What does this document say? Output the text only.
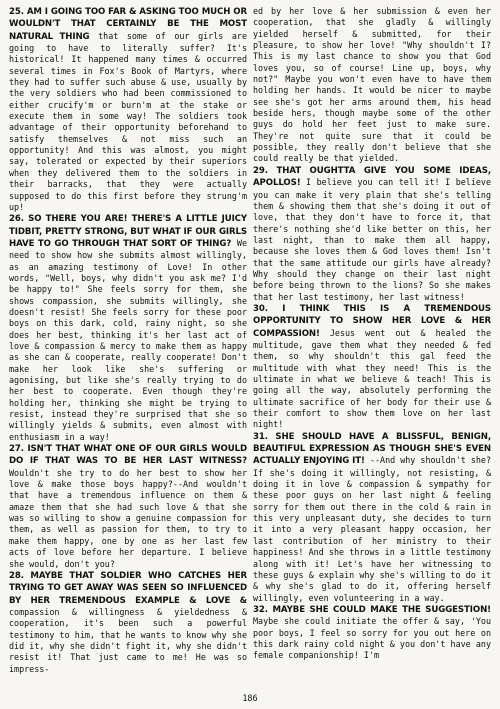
25. AM I GOING TOO FAR & ASKING TOO MUCH OR WOULDN'T THAT CERTAINLY BE THE MOST NATURAL THING that some of our girls are going to have to literally suffer? It's historical! It happened many times & occurred several times in Fox's Book of Martyrs, where they had to suffer such abuse & use, usually by the very soldiers who had been commissioned to either crucify'm or burn'm at the stake or execute them in some way! The soldiers took advantage of their opportunity beforehand to satisfy themselves & not miss such an opportunity! And this was almost, you might say, tolerated or expected by their superiors when they delivered them to the soldiers in their barracks, that they were actually supposed to do this first before they strung'm up!

26. SO THERE YOU ARE! THERE'S A LITTLE JUICY TIDBIT, PRETTY STRONG, BUT WHAT IF OUR GIRLS HAVE TO GO THROUGH THAT SORT OF THING? We need to show how she submits almost willingly, as an amazing testimony of Love! In other words, "Well, boys, why didn't you ask me? I'd be happy to!" She feels sorry for them, she shows compassion, she submits willingly, she doesn't resist! She feels sorry for these poor boys on this dark, cold, rainy night, so she does her best, thinking it's her last act of love & compassion & mercy to make them as happy as she can & cooperate, really cooperate! Don't make her look like she's suffering or agonising, but like she's really trying to do her best to cooperate. Even though they're holding her, thinking she might be trying to resist, instead they're surprised that she so willingly yields & submits, even almost with enthusiasm in a way!

27. ISN'T THAT WHAT ONE OF OUR GIRLS WOULD DO IF THAT WAS TO BE HER LAST WITNESS? Wouldn't she try to do her best to show her love & make those boys happy?--And wouldn't that have a tremendous influence on them & amaze them that she had such love & that she was so willing to show a genuine compassion for them, as well as passion for them, to try to make them happy, one by one as her last few acts of love before her departure. I believe she would, don't you?

28. MAYBE THAT SOLDIER WHO CATCHES HER TRYING TO GET AWAY WAS SEEN SO INFLUENCED BY HER TREMENDOUS EXAMPLE & LOVE & compassion & willingness & yieldedness & cooperation, it's been such a powerful testimony to him, that he wants to know why she did it, why she didn't fight it, why she didn't resist it! That just came to me! He was so impress-

ed by her love & her submission & even her cooperation, that she gladly & willingly yielded herself & submitted, for their pleasure, to show her love! "Why shouldn't I? This is my last chance to show you that God loves you, so of course! Line up, boys, why not?" Maybe you won't even have to have them holding her hands. It would be nicer to maybe see she's got her arms around them, his head beside hers, though maybe some of the other guys do hold her feet just to make sure. They're not quite sure that it could be possible, they really don't believe that she could really be that yielded.

29. THAT OUGHTTA GIVE YOU SOME IDEAS, APOLLOS! I believe you can tell it! I believe you can make it very plain that she's telling them & showing them that she's doing it out of love, that they don't have to force it, that there's nothing she'd like better on this, her last night, than to make them all happy, because she loves them & God loves them! Isn't that the same attitude our girls have already? Why should they change on their last night before being thrown to the lions? So she makes that her last testimony, her last witness!

30. I THINK THIS IS A TREMENDOUS OPPORTUNITY TO SHOW HER LOVE & HER COMPASSION! Jesus went out & healed the multitude, gave them what they needed & fed them, so why shouldn't this gal feed the multitude with what they need! This is the ultimate in what we believe & teach! This is going all the way, absolutely performing the ultimate sacrifice of her body for their use & their comfort to show them love on her last night!

31. SHE SHOULD HAVE A BLISSFUL, BENIGN, BEAUTIFUL EXPRESSION AS THOUGH SHE'S EVEN ACTUALLY ENJOYING IT! --And why shouldn't she? If she's doing it willingly, not resisting, & doing it in love & compassion & sympathy for these poor guys on her last night & feeling sorry for them out there in the cold & rain in this very unpleasant duty, she decides to turn it into a very pleasant happy occasion, her last contribution of her ministry to their happiness! And she throws in a little testimony along with it! Let's have her witnessing to these guys & explain why she's willing to do it & why she's glad to do it, offering herself willingly, even volunteering in a way.

32. MAYBE SHE COULD MAKE THE SUGGESTION! Maybe she could initiate the offer & say, 'You poor boys, I feel so sorry for you out here on this dark rainy cold night & you don't have any female companionship! I'm

186
